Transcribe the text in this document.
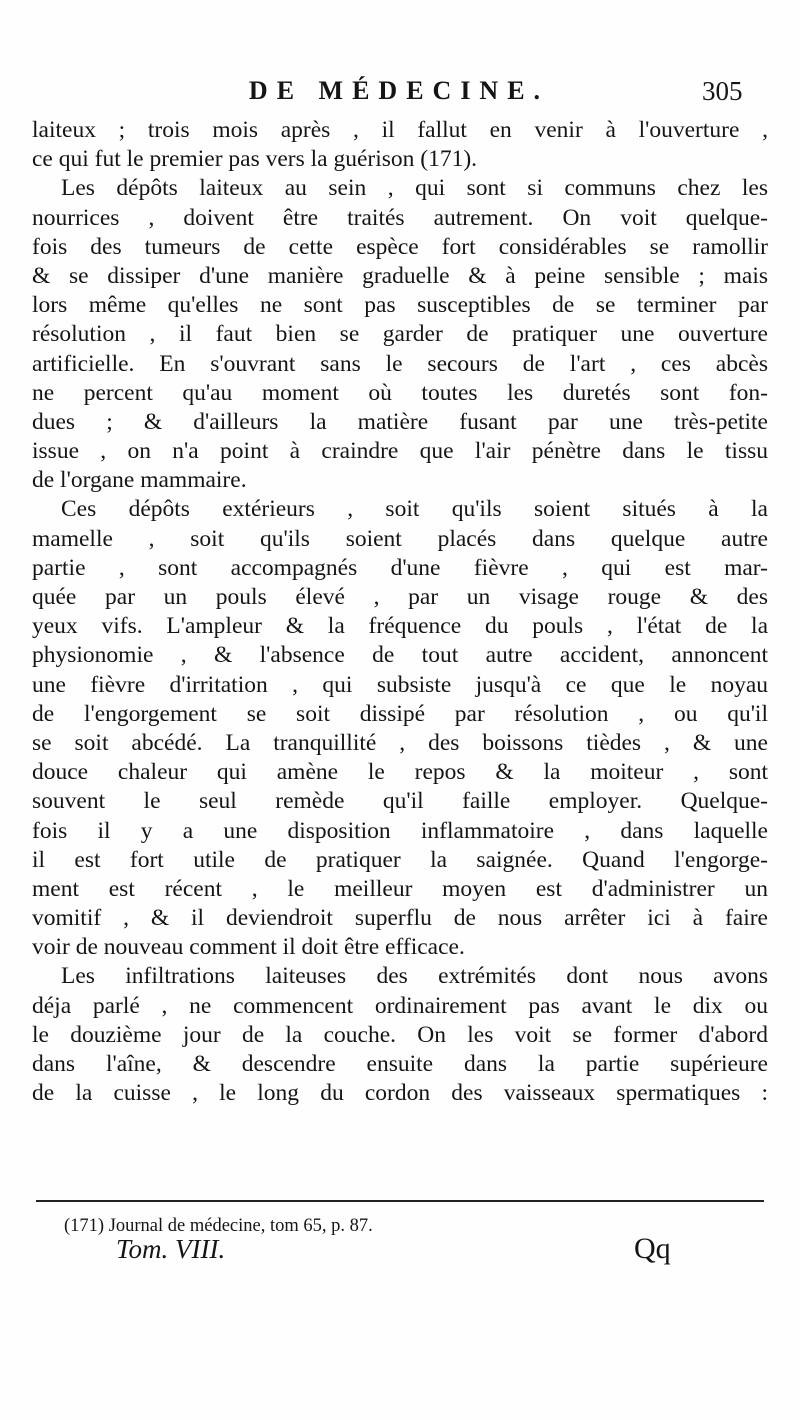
DE MÉDECINE.	305
laiteux ; trois mois après , il fallut en venir à l'ouverture ,
ce qui fut le premier pas vers la guérison (171).
Les dépôts laiteux au sein , qui sont si communs chez les
nourrices , doivent être traités autrement. On voit quelque-
fois des tumeurs de cette espèce fort considérables se ramollir
& se dissiper d'une manière graduelle & à peine sensible ; mais
lors même qu'elles ne sont pas susceptibles de se terminer par
résolution , il faut bien se garder de pratiquer une ouverture
artificielle. En s'ouvrant sans le secours de l'art , ces abcès
ne percent qu'au moment où toutes les duretés sont fon-
dues ; & d'ailleurs la matière fusant par une très-petite
issue , on n'a point à craindre que l'air pénètre dans le tissu
de l'organe mammaire.
Ces dépôts extérieurs , soit qu'ils soient situés à la
mamelle , soit qu'ils soient placés dans quelque autre
partie , sont accompagnés d'une fièvre , qui est mar-
quée par un pouls élevé , par un visage rouge & des
yeux vifs. L'ampleur & la fréquence du pouls , l'état de la
physionomie , & l'absence de tout autre accident, annoncent
une fièvre d'irritation , qui subsiste jusqu'à ce que le noyau
de l'engorgement se soit dissipé par résolution , ou qu'il
se soit abcédé. La tranquillité , des boissons tièdes , & une
douce chaleur qui amène le repos & la moiteur , sont
souvent le seul remède qu'il faille employer. Quelque-
fois il y a une disposition inflammatoire , dans laquelle
il est fort utile de pratiquer la saignée. Quand l'engorge-
ment est récent , le meilleur moyen est d'administrer un
vomitif , & il deviendroit superflu de nous arrêter ici à faire
voir de nouveau comment il doit être efficace.
Les infiltrations laiteuses des extrémités dont nous avons
déja parlé , ne commencent ordinairement pas avant le dix ou
le douzième jour de la couche. On les voit se former d'abord
dans l'aîne, & descendre ensuite dans la partie supérieure
de la cuisse , le long du cordon des vaisseaux spermatiques :
(171) Journal de médecine, tom 65, p. 87.
Tom. VIII.	Qq
